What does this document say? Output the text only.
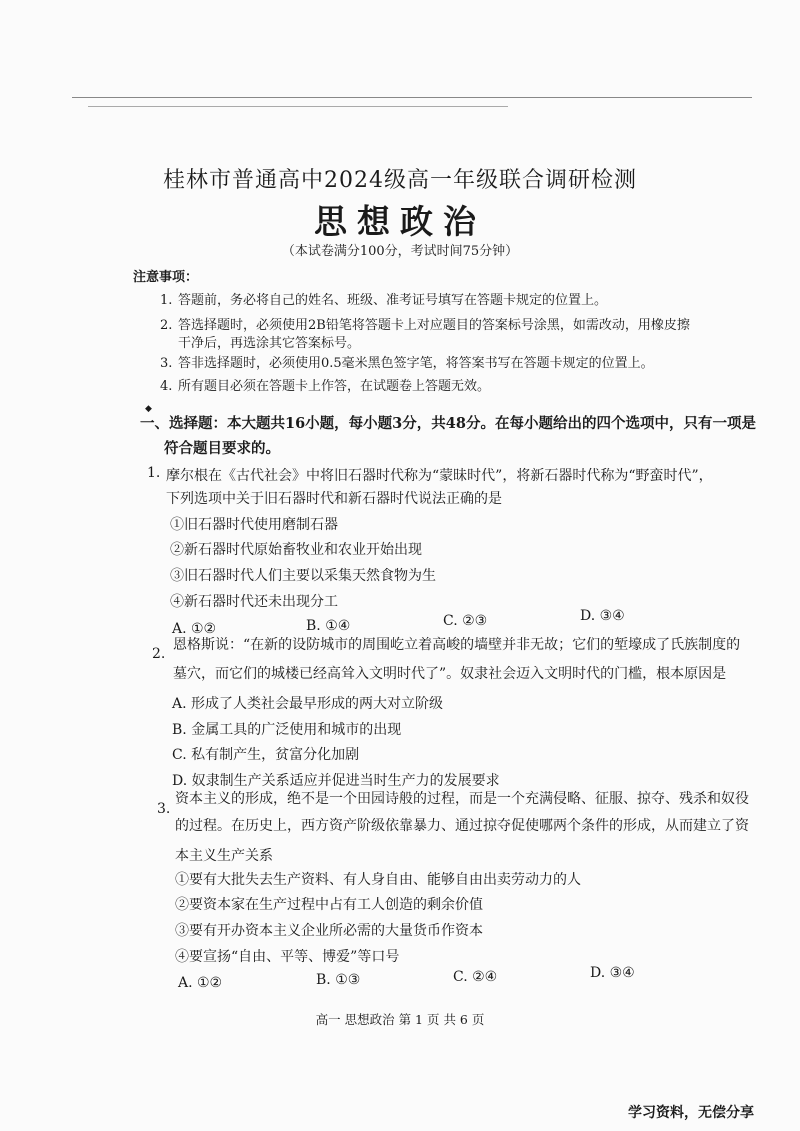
桂林市普通高中2024级高一年级联合调研检测
思想政治
（本试卷满分100分，考试时间75分钟）
注意事项：
1. 答题前，务必将自己的姓名、班级、准考证号填写在答题卡规定的位置上。
2. 答选择题时，必须使用2B铅笔将答题卡上对应题目的答案标号涂黑，如需改动，用橡皮擦
干净后，再选涂其它答案标号。
3. 答非选择题时，必须使用0.5毫米黑色签字笔，将答案书写在答题卡规定的位置上。
4. 所有题目必须在答题卡上作答，在试题卷上答题无效。
◆
一、选择题：本大题共16小题，每小题3分，共48分。在每小题给出的四个选项中，只有一项是
符合题目要求的。
1. 摩尔根在《古代社会》中将旧石器时代称为“蒙昧时代”，将新石器时代称为“野蛮时代”，
下列选项中关于旧石器时代和新石器时代说法正确的是
①旧石器时代使用磨制石器
②新石器时代原始畜牧业和农业开始出现
③旧石器时代人们主要以采集天然食物为生
④新石器时代还未出现分工
A. ①②	B. ①④	C. ②③	D. ③④
2.
恩格斯说：“在新的设防城市的周围屹立着高峻的墙壁并非无故；它们的堑壕成了氏族制度的
墓穴，而它们的城楼已经高耸入文明时代了”。奴隶社会迈入文明时代的门槛，根本原因是
A. 形成了人类社会最早形成的两大对立阶级
B. 金属工具的广泛使用和城市的出现
C. 私有制产生，贫富分化加剧
D. 奴隶制生产关系适应并促进当时生产力的发展要求
3.
资本主义的形成，绝不是一个田园诗般的过程，而是一个充满侵略、征服、掠夺、残杀和奴役
的过程。在历史上，西方资产阶级依靠暴力、通过掠夺促使哪两个条件的形成，从而建立了资
本主义生产关系
①要有大批失去生产资料、有人身自由、能够自由出卖劳动力的人
②要资本家在生产过程中占有工人创造的剩余价值
③要有开办资本主义企业所必需的大量货币作资本
④要宣扬“自由、平等、博爱”等口号
A. ①②	B. ①③	C. ②④	D. ③④
高一 思想政治 第 1 页 共 6 页
学习资料，无偿分享
